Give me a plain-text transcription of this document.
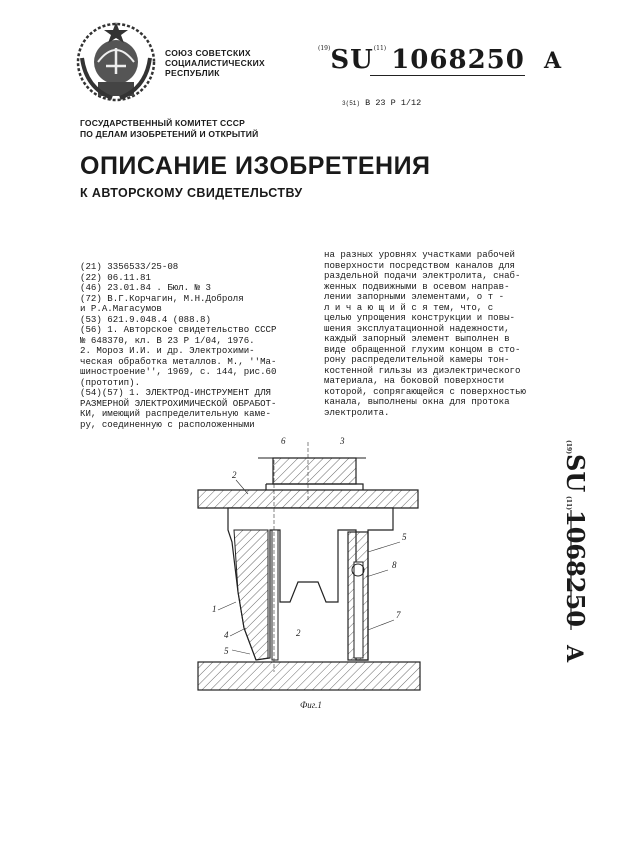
СОЮЗ СОВЕТСКИХ
СОЦИАЛИСТИЧЕСКИХ
РЕСПУБЛИК
$^{(19)}$SU$^{(11)}$ 1068250 A
3(51) В 23 Р 1/12
ГОСУДАРСТВЕННЫЙ КОМИТЕТ СССР
ПО ДЕЛАМ ИЗОБРЕТЕНИЙ И ОТКРЫТИЙ
ОПИСАНИЕ ИЗОБРЕТЕНИЯ
К АВТОРСКОМУ СВИДЕТЕЛЬСТВУ
(21) 3356533/25-08
(22) 06.11.81
(46) 23.01.84 . Бюл. № 3
(72) В.Г.Корчагин, М.Н.Доброля
и Р.А.Магасумов
(53) 621.9.048.4 (088.8)
(56) 1. Авторское свидетельство СССР
№ 648370, кл. В 23 Р 1/04, 1976.
2. Мороз И.И. и др. Электрохими-
ческая обработка металлов. М., ''Ма-
шиностроение'', 1969, с. 144, рис.60
(прототип).
(54)(57) 1. ЭЛЕКТРОД-ИНСТРУМЕНТ ДЛЯ
РАЗМЕРНОЙ ЭЛЕКТРОХИМИЧЕСКОЙ ОБРАБОТ-
КИ, имеющий распределительную каме-
ру, соединенную с расположенными
на разных уровнях участками рабочей
поверхности посредством каналов для
раздельной подачи электролита, снаб-
женных подвижными в осевом направ-
лении запорными элементами, о т -
л и ч а ю щ и й с я тем, что, с
целью упрощения конструкции и повы-
шения эксплуатационной надежности,
каждый запорный элемент выполнен в
виде обращенной глухим концом в сто-
рону распределительной камеры тон-
костенной гильзы из диэлектрического
материала, на боковой поверхности
которой, сопрягающейся с поверхностью
канала, выполнены окна для протока
электролита.
(19)
SU
(11)
1068250
A
6	3
2
5
8
1
4	2
7
5
Фиг.1
